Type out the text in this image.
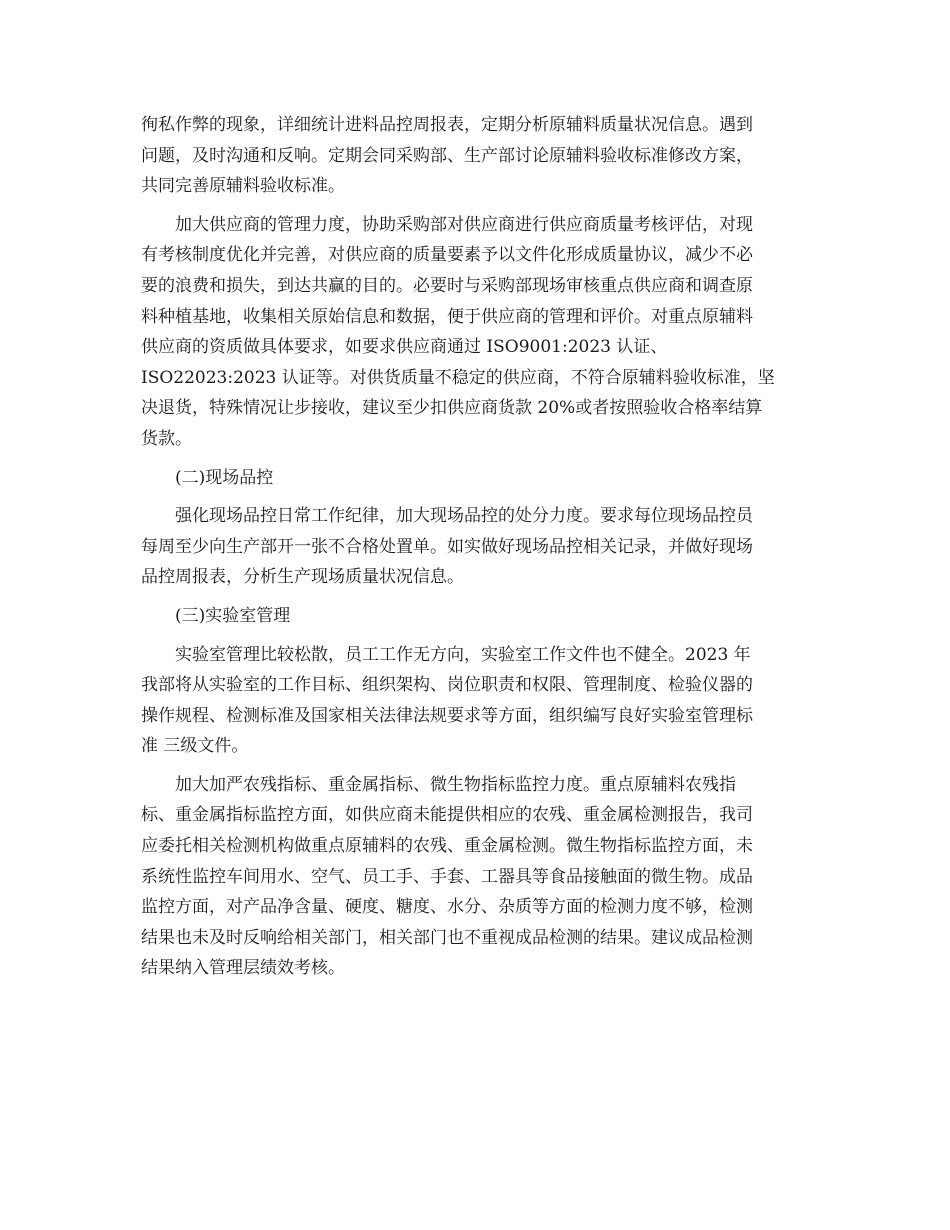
徇私作弊的现象，详细统计进料品控周报表，定期分析原辅料质量状况信息。遇到
问题，及时沟通和反响。定期会同采购部、生产部讨论原辅料验收标准修改方案，
共同完善原辅料验收标准。
加大供应商的管理力度，协助采购部对供应商进行供应商质量考核评估，对现
有考核制度优化并完善，对供应商的质量要素予以文件化形成质量协议，减少不必
要的浪费和损失，到达共赢的目的。必要时与采购部现场审核重点供应商和调查原
料种植基地，收集相关原始信息和数据，便于供应商的管理和评价。对重点原辅料
供应商的资质做具体要求，如要求供应商通过 ISO9001:2023 认证、
ISO22023:2023 认证等。对供货质量不稳定的供应商，不符合原辅料验收标准，坚
决退货，特殊情况让步接收，建议至少扣供应商货款 20%或者按照验收合格率结算
货款。
(二)现场品控
强化现场品控日常工作纪律，加大现场品控的处分力度。要求每位现场品控员
每周至少向生产部开一张不合格处置单。如实做好现场品控相关记录，并做好现场
品控周报表，分析生产现场质量状况信息。
(三)实验室管理
实验室管理比较松散，员工工作无方向，实验室工作文件也不健全。2023 年
我部将从实验室的工作目标、组织架构、岗位职责和权限、管理制度、检验仪器的
操作规程、检测标准及国家相关法律法规要求等方面，组织编写良好实验室管理标
准 三级文件。
加大加严农残指标、重金属指标、微生物指标监控力度。重点原辅料农残指
标、重金属指标监控方面，如供应商未能提供相应的农残、重金属检测报告，我司
应委托相关检测机构做重点原辅料的农残、重金属检测。微生物指标监控方面，未
系统性监控车间用水、空气、员工手、手套、工器具等食品接触面的微生物。成品
监控方面，对产品净含量、硬度、糖度、水分、杂质等方面的检测力度不够，检测
结果也未及时反响给相关部门，相关部门也不重视成品检测的结果。建议成品检测
结果纳入管理层绩效考核。
